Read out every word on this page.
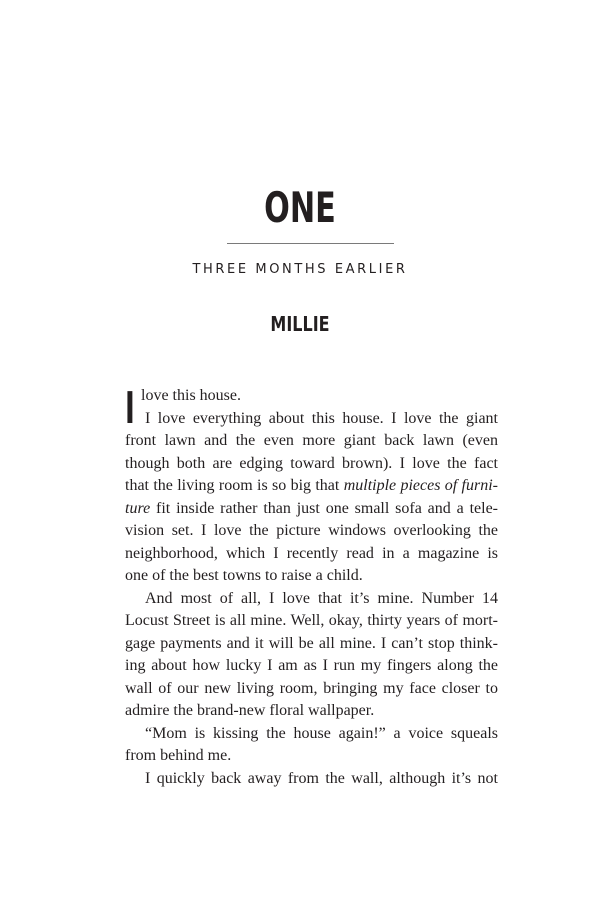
ONE
THREE MONTHS EARLIER
MILLIE
I love this house.
I love everything about this house. I love the giant
front lawn and the even more giant back lawn (even
though both are edging toward brown). I love the fact
that the living room is so big that multiple pieces of furni-
ture fit inside rather than just one small sofa and a tele-
vision set. I love the picture windows overlooking the
neighborhood, which I recently read in a magazine is
one of the best towns to raise a child.
And most of all, I love that it’s mine. Number 14
Locust Street is all mine. Well, okay, thirty years of mort-
gage payments and it will be all mine. I can’t stop think-
ing about how lucky I am as I run my fingers along the
wall of our new living room, bringing my face closer to
admire the brand-new floral wallpaper.
“Mom is kissing the house again!” a voice squeals
from behind me.
I quickly back away from the wall, although it’s not
